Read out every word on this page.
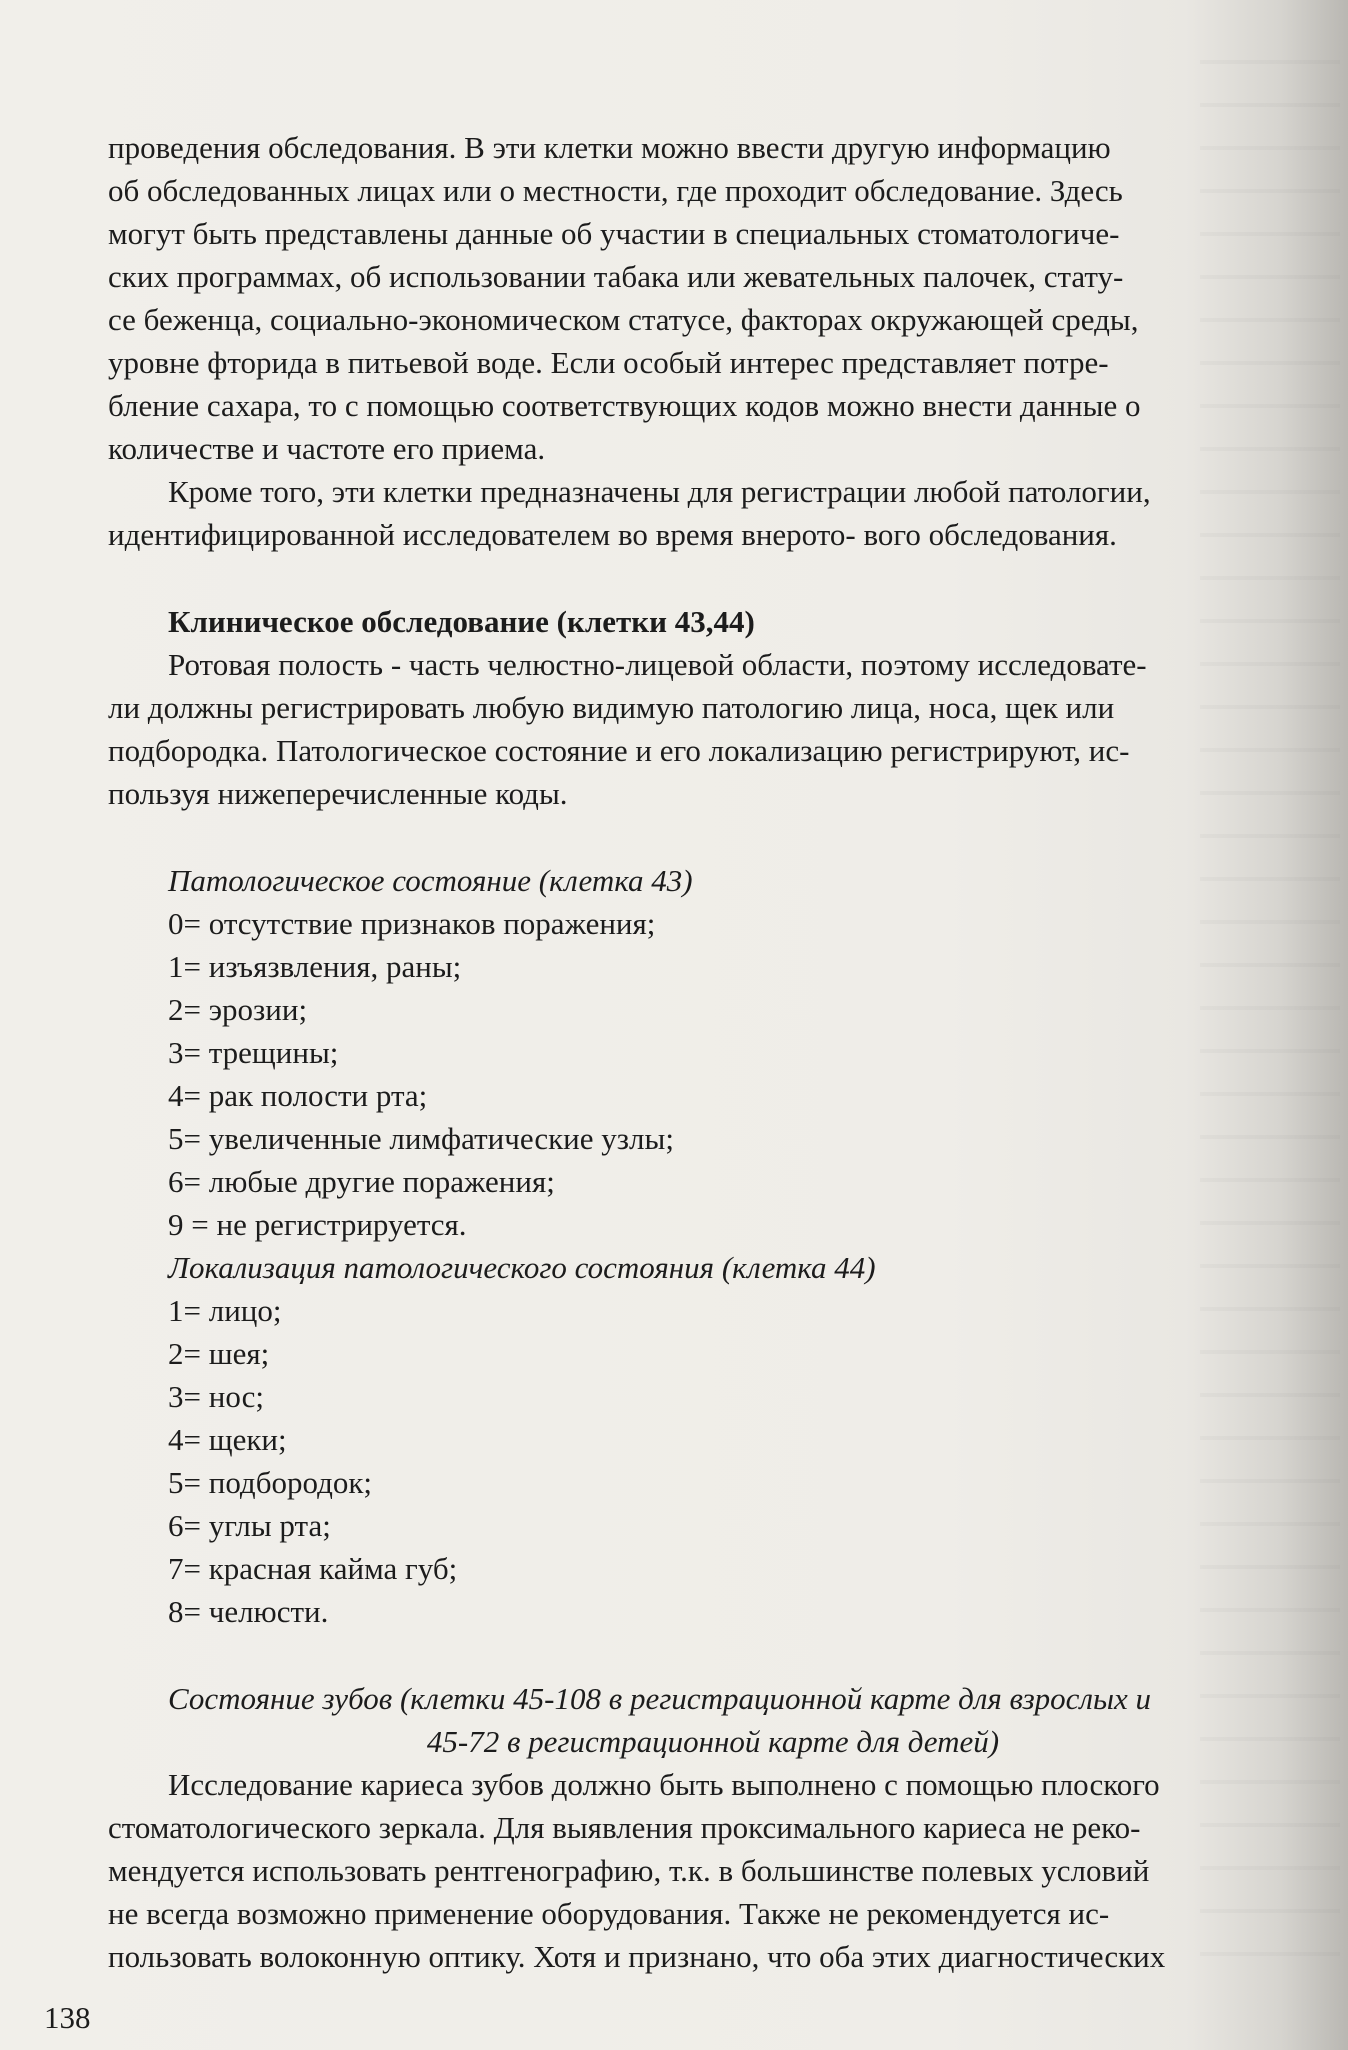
проведения обследования. В эти клетки можно ввести другую информацию
об обследованных лицах или о местности, где проходит обследование. Здесь
могут быть представлены данные об участии в специальных стоматологиче-
ских программах, об использовании табака или жевательных палочек, стату-
се беженца, социально-экономическом статусе, факторах окружающей среды,
уровне фторида в питьевой воде. Если особый интерес представляет потре-
бление сахара, то с помощью соответствующих кодов можно внести данные о
количестве и частоте его приема.

Кроме того, эти клетки предназначены для регистрации любой патологии,
идентифицированной исследователем во время внерото- вого обследования.

Клиническое обследование (клетки 43,44)

Ротовая полость - часть челюстно-лицевой области, поэтому исследовате-
ли должны регистрировать любую видимую патологию лица, носа, щек или
подбородка. Патологическое состояние и его локализацию регистрируют, ис-
пользуя нижеперечисленные коды.

Патологическое состояние (клетка 43)

0= отсутствие признаков поражения;
1= изъязвления, раны;
2= эрозии;
3= трещины;
4= рак полости рта;
5= увеличенные лимфатические узлы;
6= любые другие поражения;
9 = не регистрируется.

Локализация патологического состояния (клетка 44)

1= лицо;
2= шея;
3= нос;
4= щеки;
5= подбородок;
6= углы рта;
7= красная кайма губ;
8= челюсти.

Состояние зубов (клетки 45-108 в регистрационной карте для взрослых и
45-72 в регистрационной карте для детей)

Исследование кариеса зубов должно быть выполнено с помощью плоского
стоматологического зеркала. Для выявления проксимального кариеса не реко-
мендуется использовать рентгенографию, т.к. в большинстве полевых условий
не всегда возможно применение оборудования. Также не рекомендуется ис-
пользовать волоконную оптику. Хотя и признано, что оба этих диагностических

138
